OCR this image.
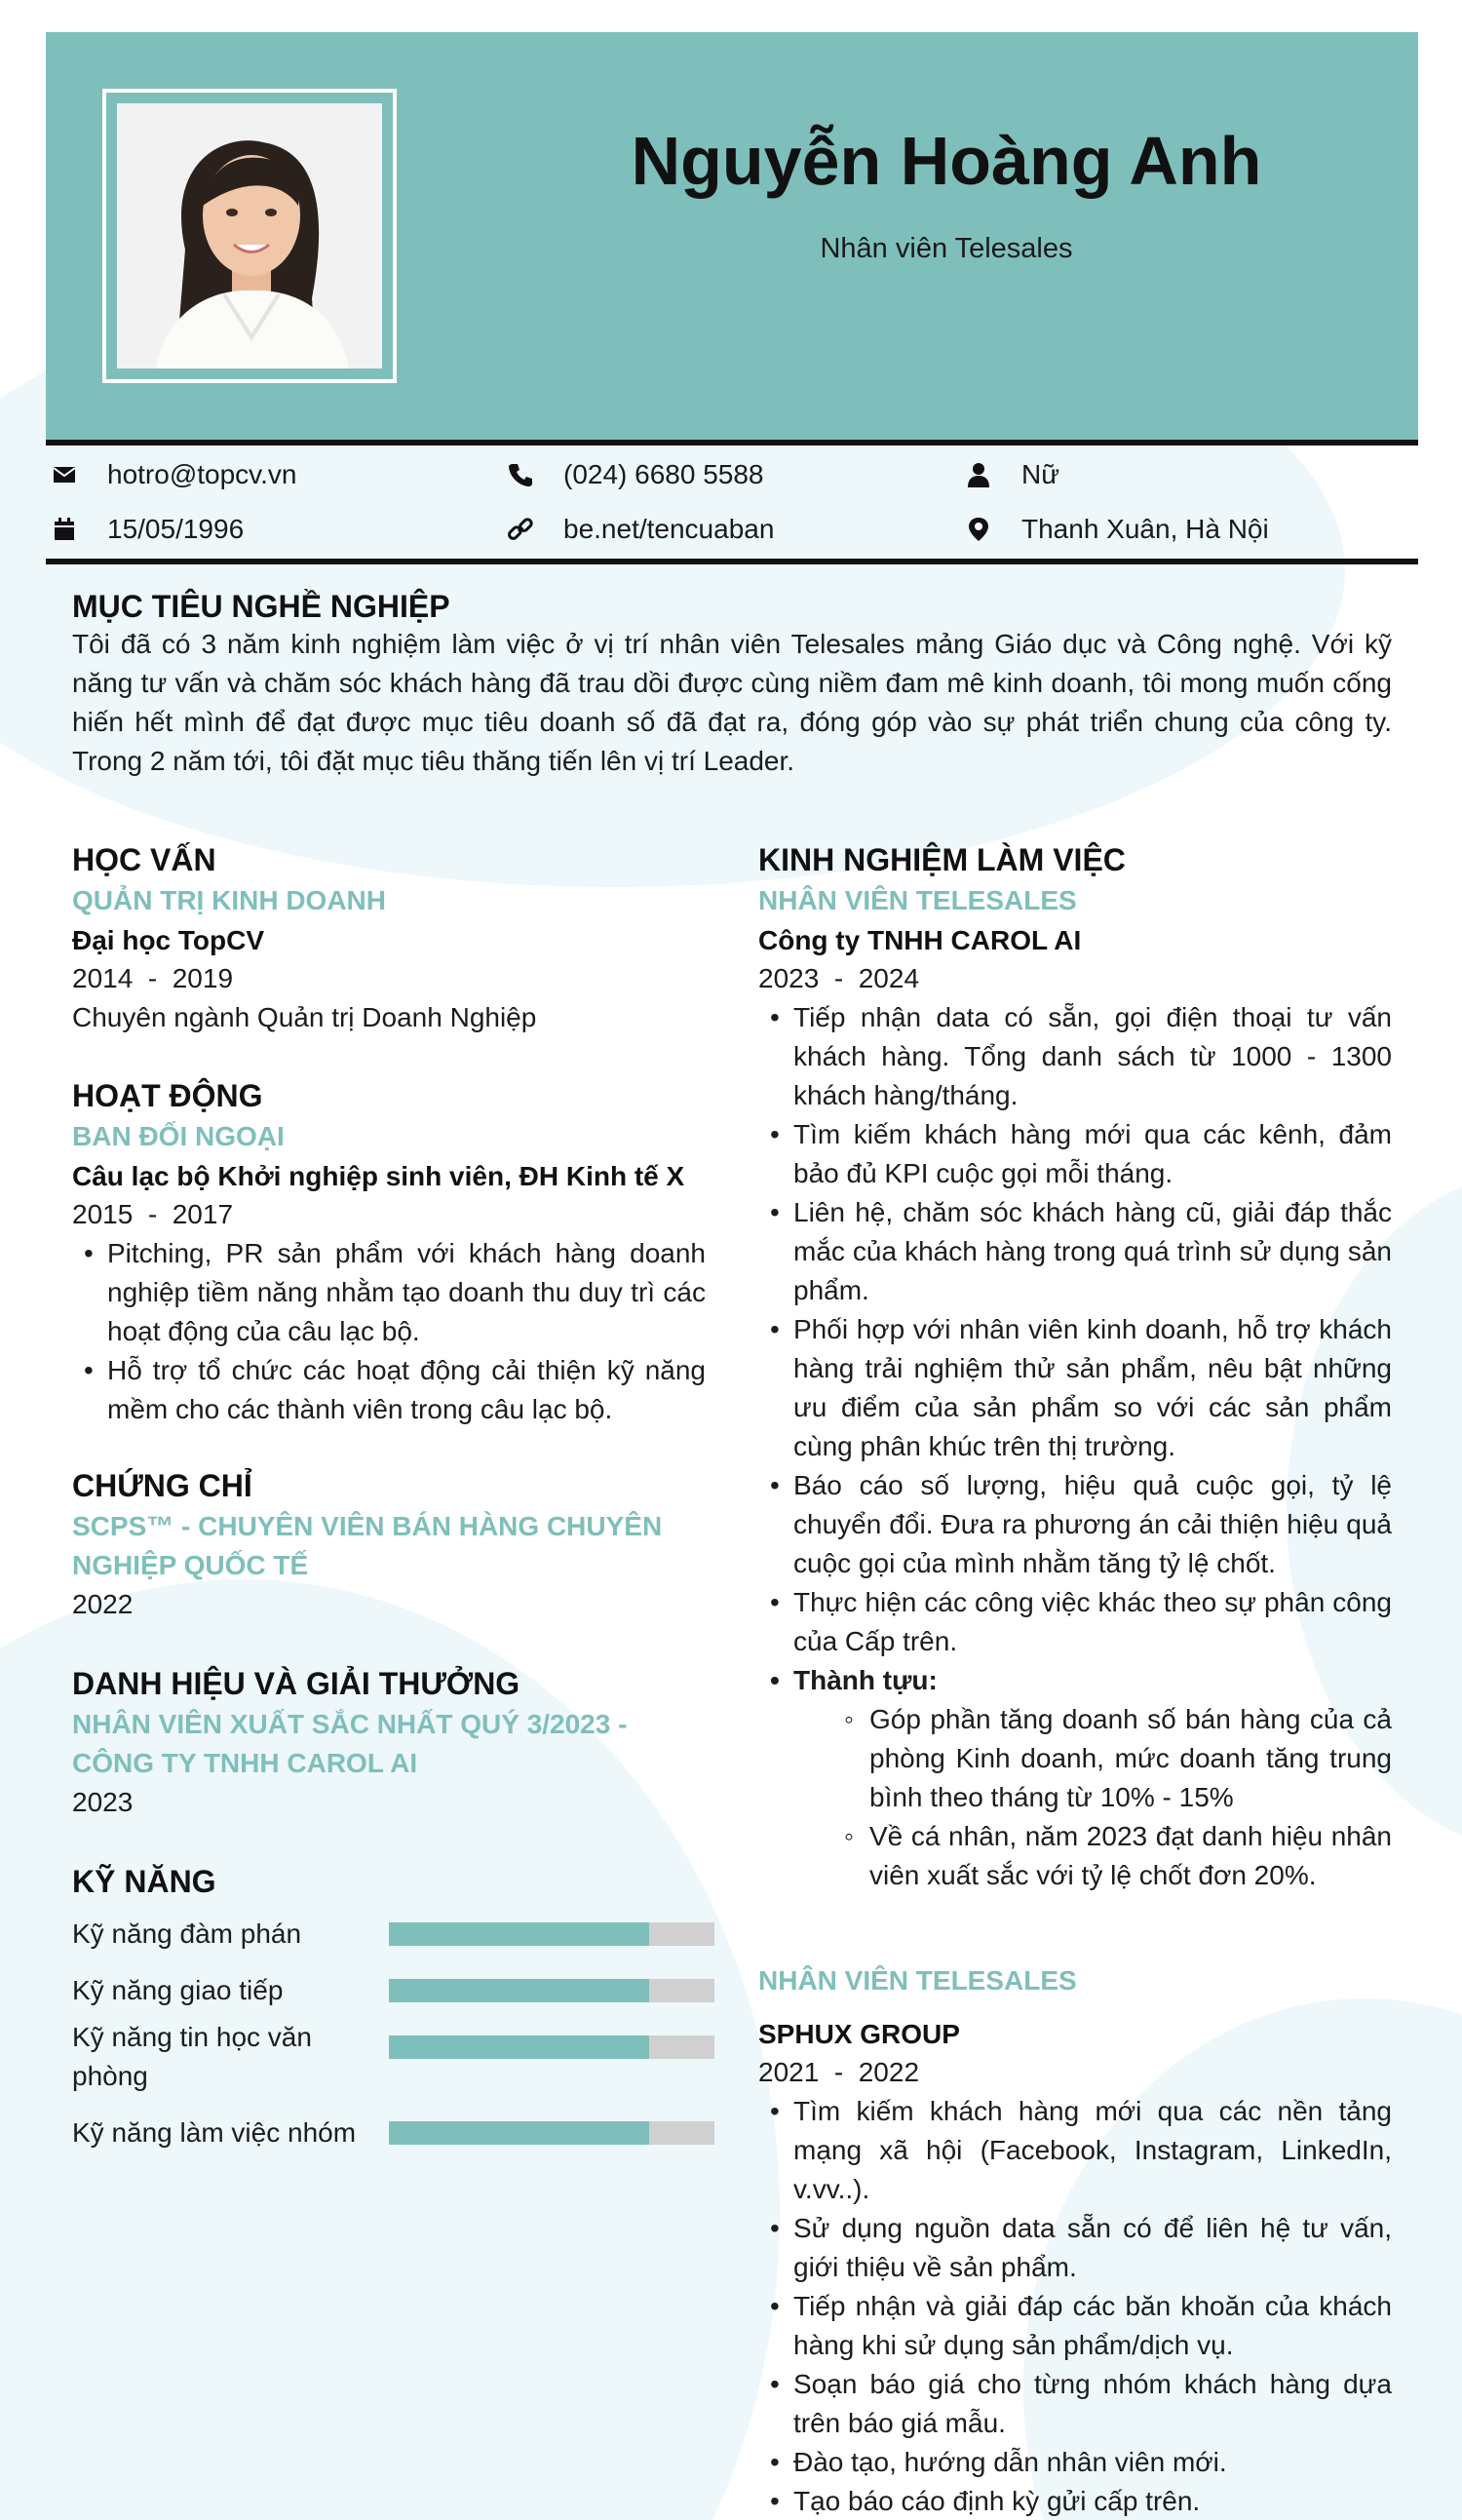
Nguyễn Hoàng Anh
Nhân viên Telesales
hotro@topcv.vn	(024) 6680 5588	Nữ
15/05/1996	be.net/tencuaban	Thanh Xuân, Hà Nội
MỤC TIÊU NGHỀ NGHIỆP
Tôi đã có 3 năm kinh nghiệm làm việc ở vị trí nhân viên Telesales mảng Giáo dục và Công nghệ. Với kỹ năng tư vấn và chăm sóc khách hàng đã trau dồi được cùng niềm đam mê kinh doanh, tôi mong muốn cống hiến hết mình để đạt được mục tiêu doanh số đã đạt ra, đóng góp vào sự phát triển chung của công ty. Trong 2 năm tới, tôi đặt mục tiêu thăng tiến lên vị trí Leader.
HỌC VẤN
QUẢN TRỊ KINH DOANH
Đại học TopCV
2014  -  2019
Chuyên ngành Quản trị Doanh Nghiệp
HOẠT ĐỘNG
BAN ĐỐI NGOẠI
Câu lạc bộ Khởi nghiệp sinh viên, ĐH Kinh tế X
2015  -  2017
• Pitching, PR sản phẩm với khách hàng doanh nghiệp tiềm năng nhằm tạo doanh thu duy trì các hoạt động của câu lạc bộ.
• Hỗ trợ tổ chức các hoạt động cải thiện kỹ năng mềm cho các thành viên trong câu lạc bộ.
CHỨNG CHỈ
SCPS™ - CHUYÊN VIÊN BÁN HÀNG CHUYÊN NGHIỆP QUỐC TẾ
2022
DANH HIỆU VÀ GIẢI THƯỞNG
NHÂN VIÊN XUẤT SẮC NHẤT QUÝ 3/2023 - CÔNG TY TNHH CAROL AI
2023
KỸ NĂNG
Kỹ năng đàm phán
Kỹ năng giao tiếp
Kỹ năng tin học văn phòng
Kỹ năng làm việc nhóm
KINH NGHIỆM LÀM VIỆC
NHÂN VIÊN TELESALES
Công ty TNHH CAROL AI
2023  -  2024
• Tiếp nhận data có sẵn, gọi điện thoại tư vấn khách hàng. Tổng danh sách từ 1000 - 1300 khách hàng/tháng.
• Tìm kiếm khách hàng mới qua các kênh, đảm bảo đủ KPI cuộc gọi mỗi tháng.
• Liên hệ, chăm sóc khách hàng cũ, giải đáp thắc mắc của khách hàng trong quá trình sử dụng sản phẩm.
• Phối hợp với nhân viên kinh doanh, hỗ trợ khách hàng trải nghiệm thử sản phẩm, nêu bật những ưu điểm của sản phẩm so với các sản phẩm cùng phân khúc trên thị trường.
• Báo cáo số lượng, hiệu quả cuộc gọi, tỷ lệ chuyển đổi. Đưa ra phương án cải thiện hiệu quả cuộc gọi của mình nhằm tăng tỷ lệ chốt.
• Thực hiện các công việc khác theo sự phân công của Cấp trên.
• Thành tựu:
◦ Góp phần tăng doanh số bán hàng của cả phòng Kinh doanh, mức doanh tăng trung bình theo tháng từ 10% - 15%
◦ Về cá nhân, năm 2023 đạt danh hiệu nhân viên xuất sắc với tỷ lệ chốt đơn 20%.
NHÂN VIÊN TELESALES
SPHUX GROUP
2021  -  2022
• Tìm kiếm khách hàng mới qua các nền tảng mạng xã hội (Facebook, Instagram, LinkedIn, v.vv..).
• Sử dụng nguồn data sẵn có để liên hệ tư vấn, giới thiệu về sản phẩm.
• Tiếp nhận và giải đáp các băn khoăn của khách hàng khi sử dụng sản phẩm/dịch vụ.
• Soạn báo giá cho từng nhóm khách hàng dựa trên báo giá mẫu.
• Đào tạo, hướng dẫn nhân viên mới.
• Tạo báo cáo định kỳ gửi cấp trên.
